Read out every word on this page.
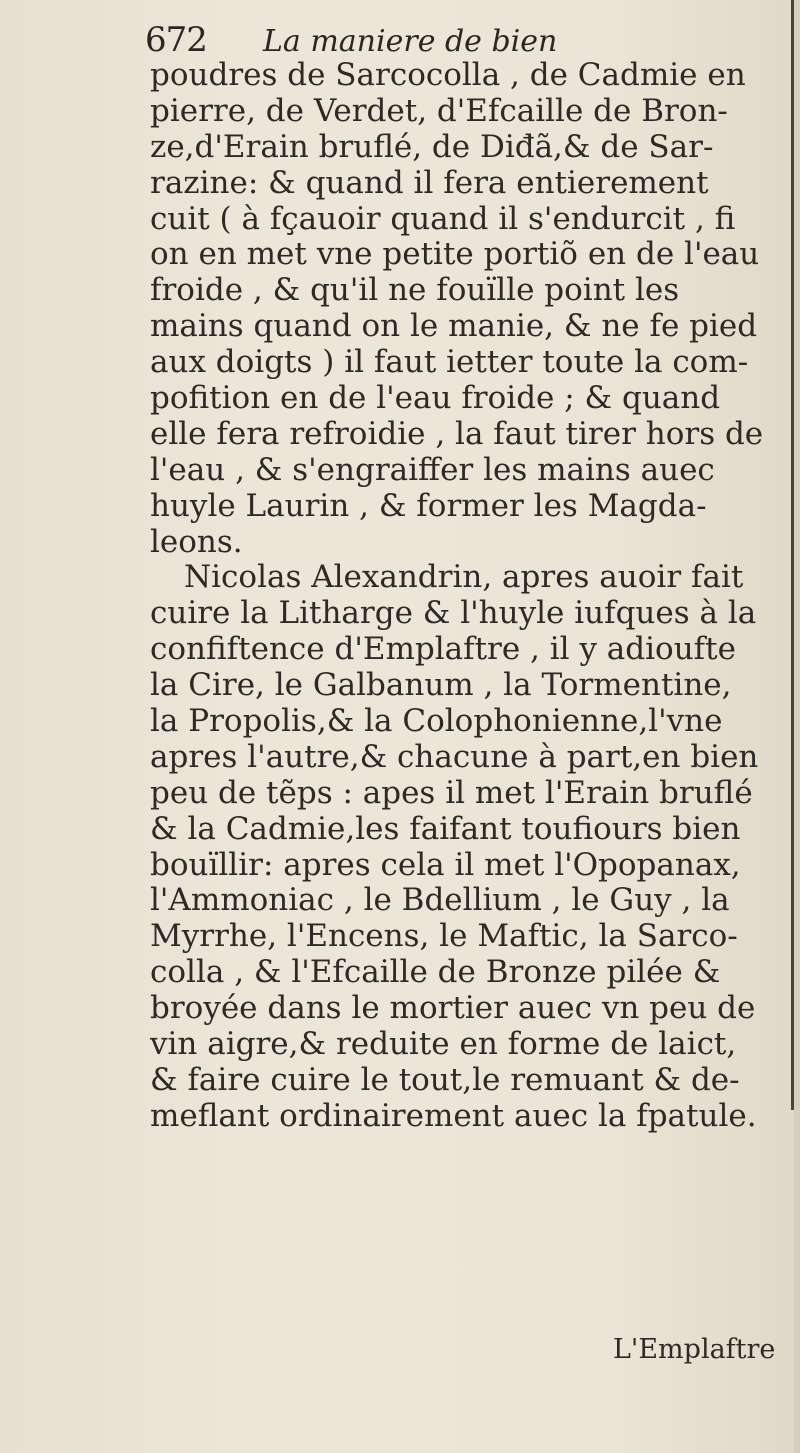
672 La maniere de bien
poudres de Sarcocolla , de Cadmie en
pierre, de Verdet, d'Efcaille de Bron-
ze,d'Erain bruflé, de Diđã,& de Sar-
razine: & quand il fera entierement
cuit ( à fçauoir quand il s'endurcit , fi
on en met vne petite portiõ en de l'eau
froide , & qu'il ne fouïlle point les
mains quand on le manie, & ne fe pied
aux doigts ) il faut ietter toute la com-
pofition en de l'eau froide ; & quand
elle fera refroidie , la faut tirer hors de
l'eau , & s'engraiffer les mains auec
huyle Laurin , & former les Magda-
leons.
Nicolas Alexandrin, apres auoir fait
cuire la Litharge & l'huyle iufques à la
confiftence d'Emplaftre , il y adioufte
la Cire, le Galbanum , la Tormentine,
la Propolis,& la Colophonienne,l'vne
apres l'autre,& chacune à part,en bien
peu de tẽps : apes il met l'Erain bruflé
& la Cadmie,les faifant toufiours bien
bouïllir: apres cela il met l'Opopanax,
l'Ammoniac , le Bdellium , le Guy , la
Myrrhe, l'Encens, le Maftic, la Sarco-
colla , & l'Efcaille de Bronze pilée &
broyée dans le mortier auec vn peu de
vin aigre,& reduite en forme de laict,
& faire cuire le tout,le remuant & de-
meflant ordinairement auec la fpatule.
L'Emplaftre
